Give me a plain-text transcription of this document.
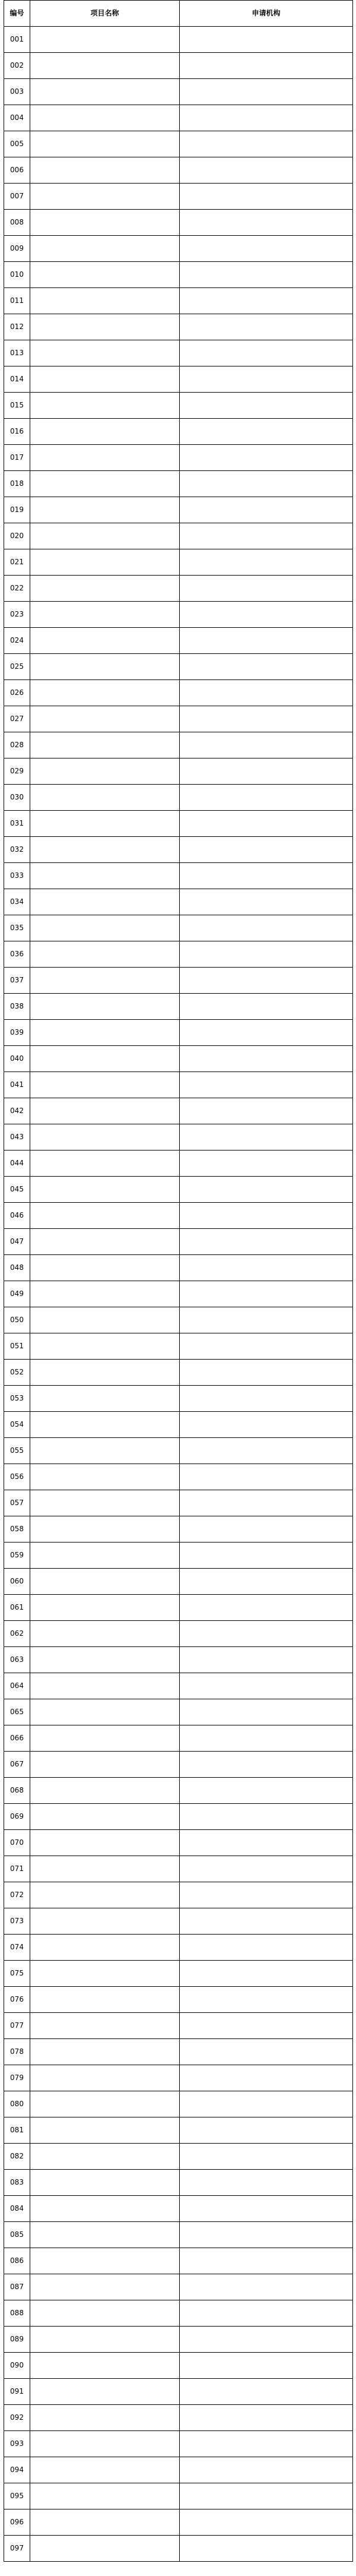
编号	项目名称	申请机构
001		
002		
003		
004		
005		
006		
007		
008		
009		
010		
011		
012		
013		
014		
015		
016		
017		
018		
019		
020		
021		
022		
023		
024		
025		
026		
027		
028		
029		
030		
031		
032		
033		
034		
035		
036		
037		
038		
039		
040		
041		
042		
043		
044		
045		
046		
047		
048		
049		
050		
051		
052		
053		
054		
055		
056		
057		
058		
059		
060		
061		
062		
063		
064		
065		
066		
067		
068		
069		
070		
071		
072		
073		
074		
075		
076		
077		
078		
079		
080		
081		
082		
083		
084		
085		
086		
087		
088		
089		
090		
091		
092		
093		
094		
095		
096		
097		
